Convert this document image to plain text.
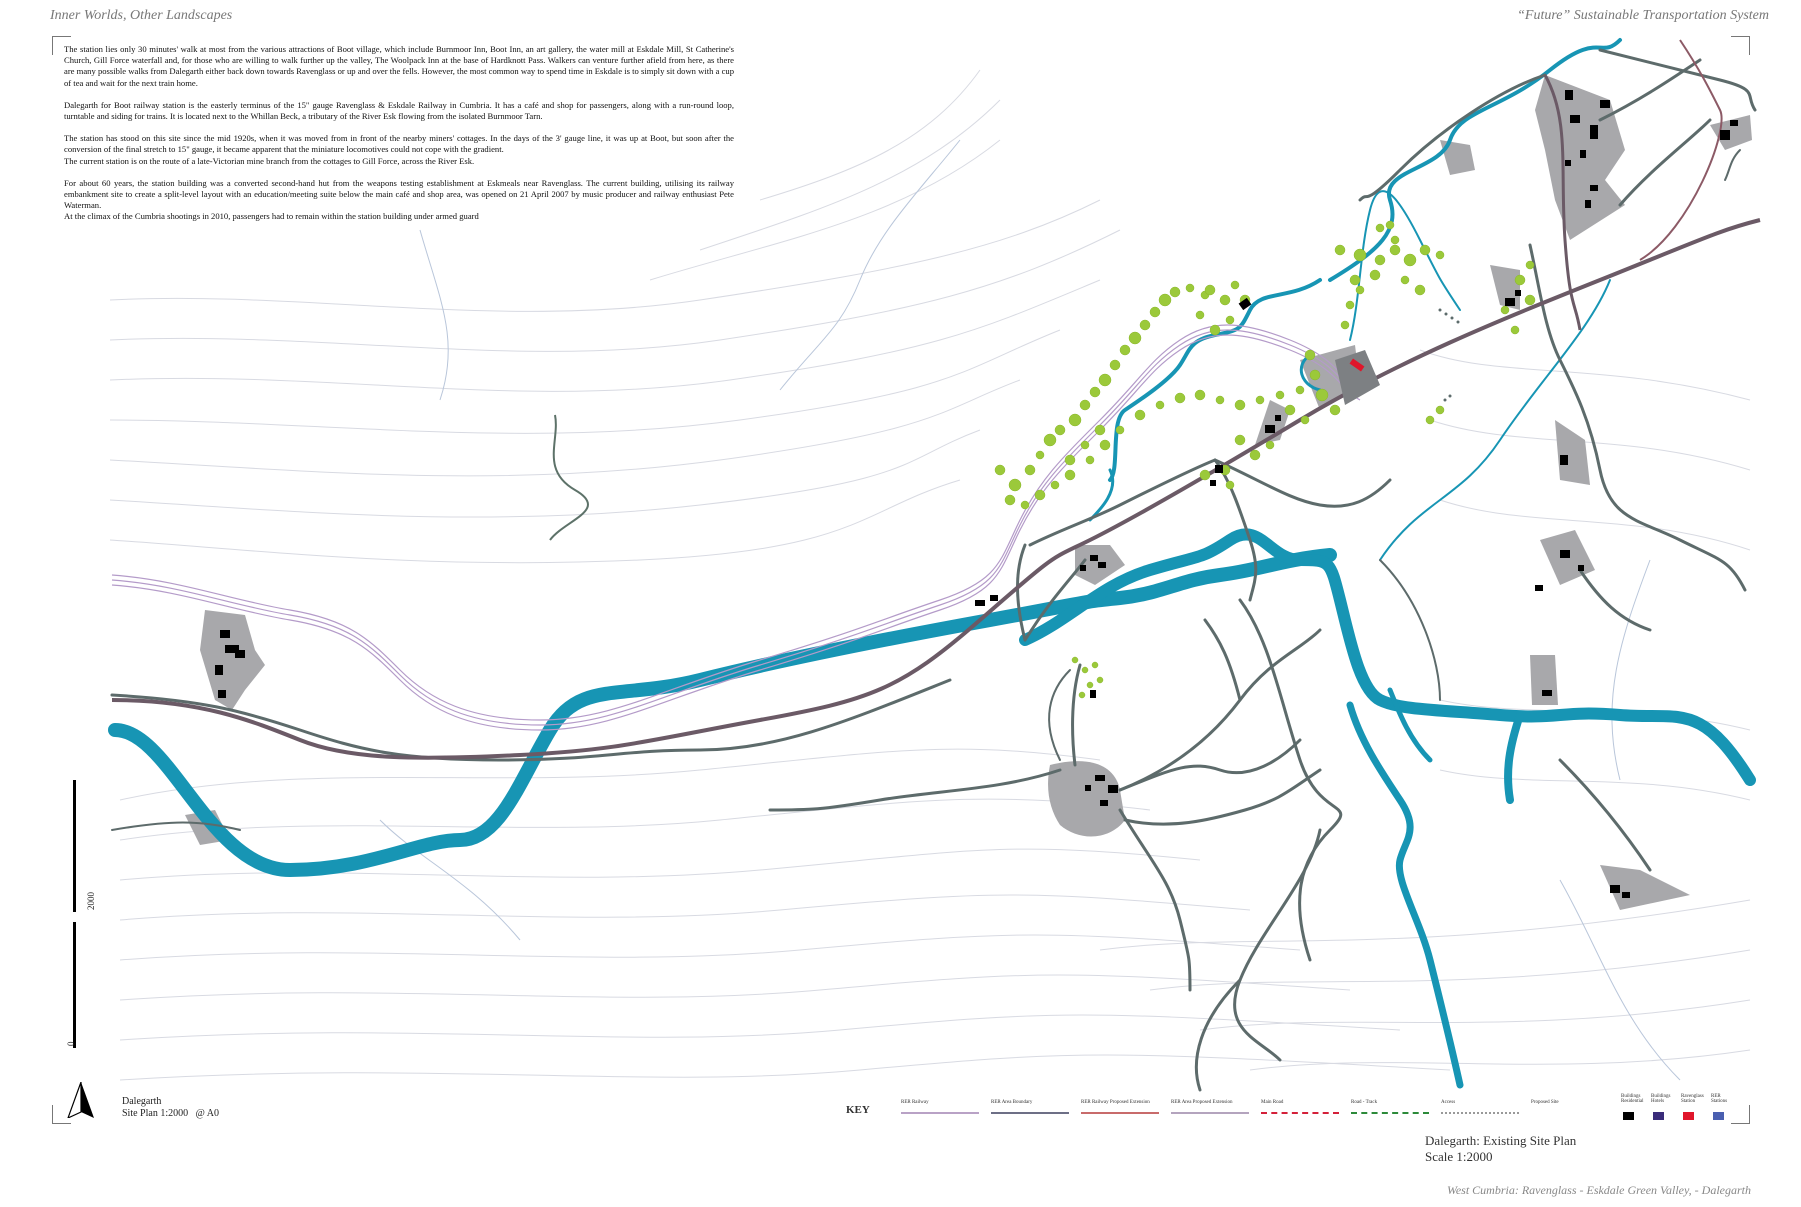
Inner Worlds, Other Landscapes	“Future” Sustainable Transportation System

The station lies only 30 minutes' walk at most from the various attractions of Boot village, which include Burnmoor Inn, Boot Inn, an art gallery, the water mill at Eskdale Mill, St Catherine's Church, Gill Force waterfall and, for those who are willing to walk further up the valley, The Woolpack Inn at the base of Hardknott Pass. Walkers can venture further afield from here, as there are many possible walks from Dalegarth either back down towards Ravenglass or up and over the fells. However, the most common way to spend time in Eskdale is to simply sit down with a cup of tea and wait for the next train home.

Dalegarth for Boot railway station is the easterly terminus of the 15" gauge Ravenglass & Eskdale Railway in Cumbria. It has a café and shop for passengers, along with a run-round loop, turntable and siding for trains. It is located next to the Whillan Beck, a tributary of the River Esk flowing from the isolated Burnmoor Tarn.

The station has stood on this site since the mid 1920s, when it was moved from in front of the nearby miners' cottages. In the days of the 3' gauge line, it was up at Boot, but soon after the conversion of the final stretch to 15" gauge, it became apparent that the miniature locomotives could not cope with the gradient.
The current station is on the route of a late-Victorian mine branch from the cottages to Gill Force, across the River Esk.

For about 60 years, the station building was a converted second-hand hut from the weapons testing establishment at Eskmeals near Ravenglass. The current building, utilising its railway embankment site to create a split-level layout with an education/meeting suite below the main café and shop area, was opened on 21 April 2007 by music producer and railway enthusiast Pete Waterman.
At the climax of the Cumbria shootings in 2010, passengers had to remain within the station building under armed guard

2000
0
Dalegarth
Site Plan 1:2000   @ A0	KEY
RER Railway	RER Area Boundary	RER Railway Proposed Extension	RER Area Proposed Extension	Main Road	Road - Track	Access	Proposed Site
Buildings Residential
Buildings Hotels
Ravenglass Station
RER Stations
Dalegarth: Existing Site Plan
Scale 1:2000
West Cumbria: Ravenglass - Eskdale Green Valley, - Dalegarth
